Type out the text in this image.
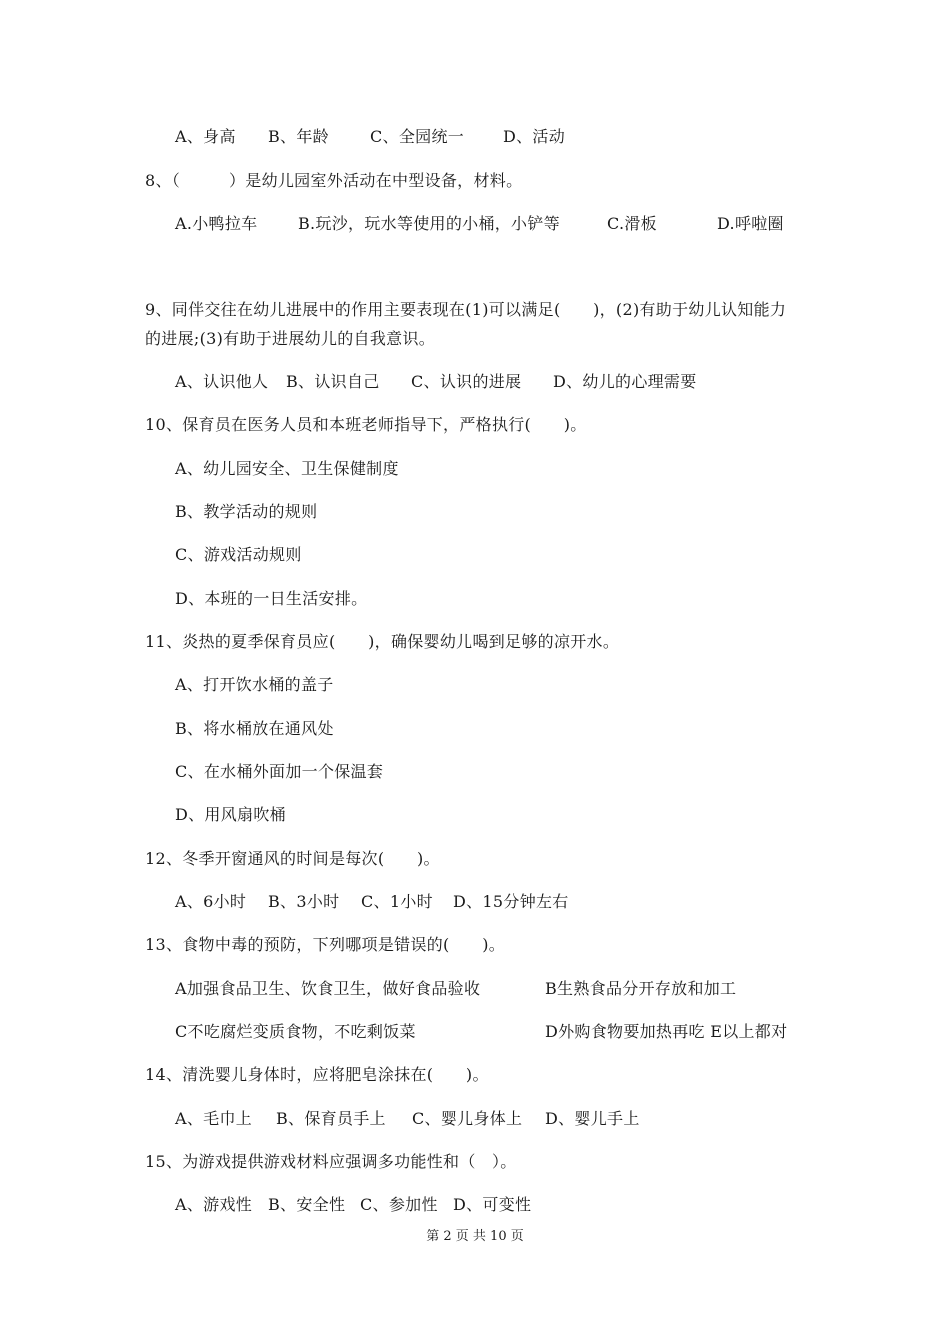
A、身高 B、年龄	C、全园统一 D、活动
8、（　　　）是幼儿园室外活动在中型设备，材料。
A.小鸭拉车	B.玩沙，玩水等使用的小桶，小铲等	C.滑板	D.呼啦圈
9、同伴交往在幼儿进展中的作用主要表现在(1)可以满足(　　)，(2)有助于幼儿认知能力
的进展;(3)有助于进展幼儿的自我意识。
A、认识他人 B、认识自己 C、认识的进展 D、幼儿的心理需要
10、保育员在医务人员和本班老师指导下，严格执行(　　)。
A、幼儿园安全、卫生保健制度
B、教学活动的规则
C、游戏活动规则
D、本班的一日生活安排。
11、炎热的夏季保育员应(　　)，确保婴幼儿喝到足够的凉开水。
A、打开饮水桶的盖子
B、将水桶放在通风处
C、在水桶外面加一个保温套
D、用风扇吹桶
12、冬季开窗通风的时间是每次(　　)。
A、6小时 B、3小时 C、1小时 D、15分钟左右
13、食物中毒的预防，下列哪项是错误的(　　)。
A加强食品卫生、饮食卫生，做好食品验收	B生熟食品分开存放和加工
C不吃腐烂变质食物，不吃剩饭菜	D外购食物要加热再吃 E以上都对
14、清洗婴儿身体时，应将肥皂涂抹在(　　)。
A、毛巾上 B、保育员手上 C、婴儿身体上 D、婴儿手上
15、为游戏提供游戏材料应强调多功能性和（　）。
A、游戏性 B、安全性 C、参加性 D、可变性
第 2 页 共 10 页
